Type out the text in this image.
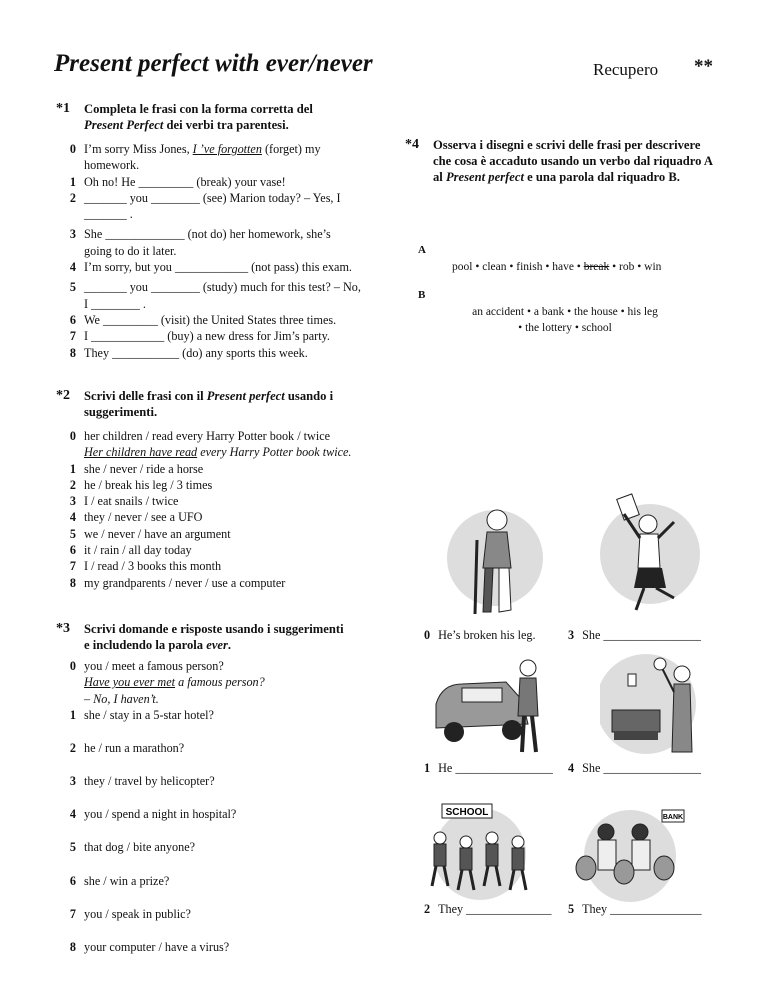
Present perfect with ever/never	Recupero **
*1	Completa le frasi con la forma corretta del
Present Perfect dei verbi tra parentesi.
0 I’m sorry Miss Jones, I ’ve forgotten (forget) my homework.
1 Oh no! He _________ (break) your vase!
2 _______ you ________ (see) Marion today? – Yes, I _______ .
3 She _____________ (not do) her homework, she’s going to do it later.
4 I’m sorry, but you ____________ (not pass) this exam.
5 _______ you ________ (study) much for this test? – No, I ________ .
6 We _________ (visit) the United States three times.
7 I ____________ (buy) a new dress for Jim’s party.
8 They ___________ (do) any sports this week.
*2	Scrivi delle frasi con il Present perfect usando i suggerimenti.
0 her children / read every Harry Potter book / twice
Her children have read every Harry Potter book twice.
1 she / never / ride a horse
2 he / break his leg / 3 times
3 I / eat snails / twice
4 they / never / see a UFO
5 we / never / have an argument
6 it / rain / all day today
7 I / read / 3 books this month
8 my grandparents / never / use a computer
*3	Scrivi domande e risposte usando i suggerimenti
e includendo la parola ever.
0 you / meet a famous person?
Have you ever met a famous person?
– No, I haven’t.
1 she / stay in a 5-star hotel?
2 he / run a marathon?
3 they / travel by helicopter?
4 you / spend a night in hospital?
5 that dog / bite anyone?
6 she / win a prize?
7 you / speak in public?
8 your computer / have a virus?
*4	Osserva i disegni e scrivi delle frasi per descrivere che cosa è accaduto usando un verbo dal riquadro A al Present perfect e una parola dal riquadro B.
A
pool • clean • finish • have • break • rob • win
B
an accident • a bank • the house • his leg
• the lottery • school
0 He’s broken his leg.	3 She ________________
1 He ________________ 4 She ________________
SCHOOL	BANK
2 They ______________ 5 They _______________
